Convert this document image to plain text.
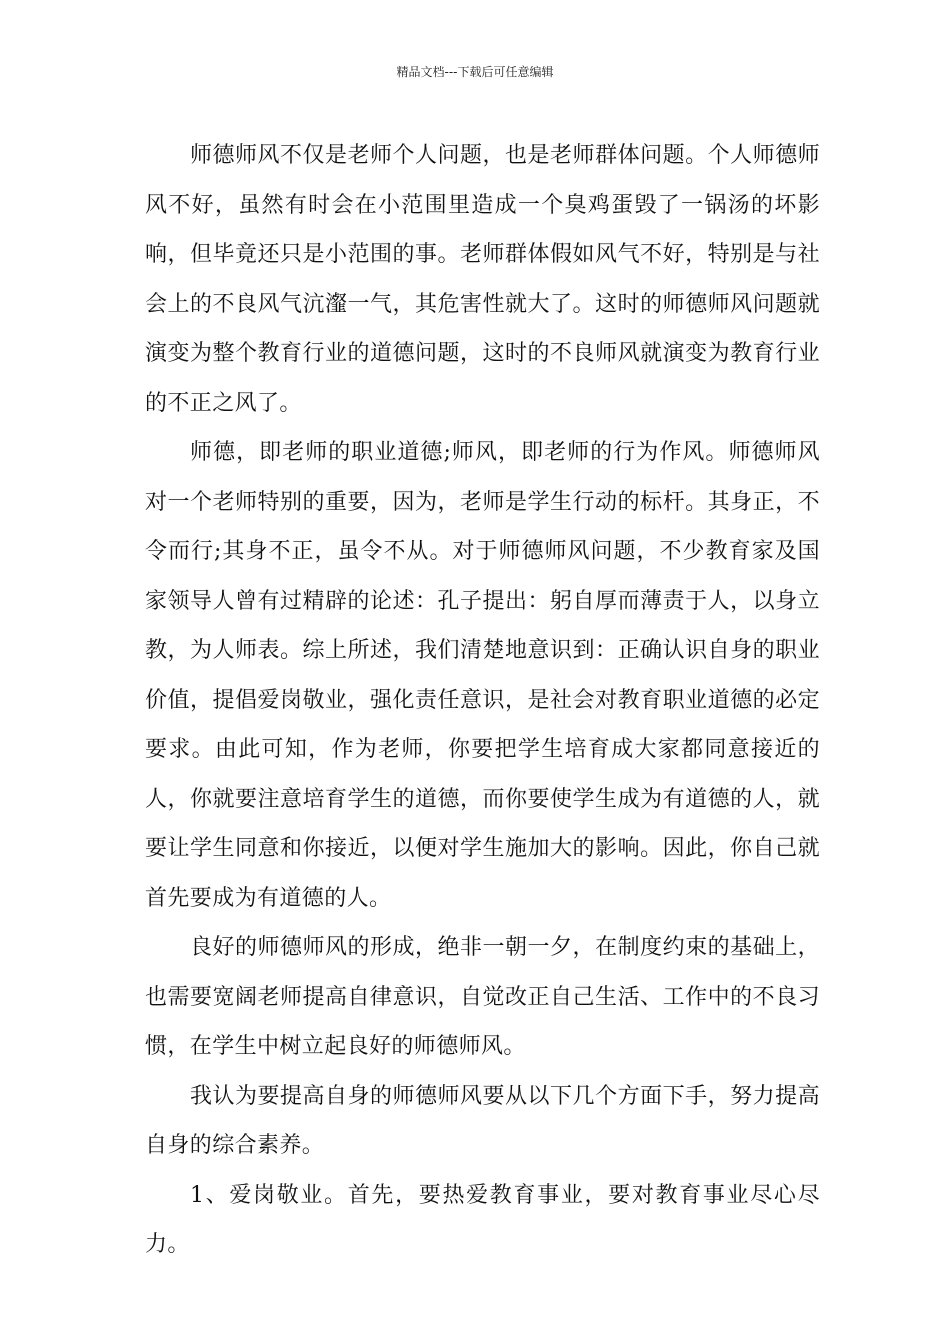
精品文档---下载后可任意编辑

师德师风不仅是老师个人问题，也是老师群体问题。个人师德师风不好，虽然有时会在小范围里造成一个臭鸡蛋毁了一锅汤的坏影响，但毕竟还只是小范围的事。老师群体假如风气不好，特别是与社会上的不良风气沆瀣一气，其危害性就大了。这时的师德师风问题就演变为整个教育行业的道德问题，这时的不良师风就演变为教育行业的不正之风了。

师德，即老师的职业道德;师风，即老师的行为作风。师德师风对一个老师特别的重要，因为，老师是学生行动的标杆。其身正，不令而行;其身不正，虽令不从。对于师德师风问题，不少教育家及国家领导人曾有过精辟的论述：孔子提出：躬自厚而薄责于人，以身立教，为人师表。综上所述，我们清楚地意识到：正确认识自身的职业价值，提倡爱岗敬业，强化责任意识，是社会对教育职业道德的必定要求。由此可知，作为老师，你要把学生培育成大家都同意接近的人，你就要注意培育学生的道德，而你要使学生成为有道德的人，就要让学生同意和你接近，以便对学生施加大的影响。因此，你自己就首先要成为有道德的人。

良好的师德师风的形成，绝非一朝一夕，在制度约束的基础上，也需要宽阔老师提高自律意识，自觉改正自己生活、工作中的不良习惯，在学生中树立起良好的师德师风。

我认为要提高自身的师德师风要从以下几个方面下手，努力提高自身的综合素养。

1、爱岗敬业。首先，要热爱教育事业，要对教育事业尽心尽力。
